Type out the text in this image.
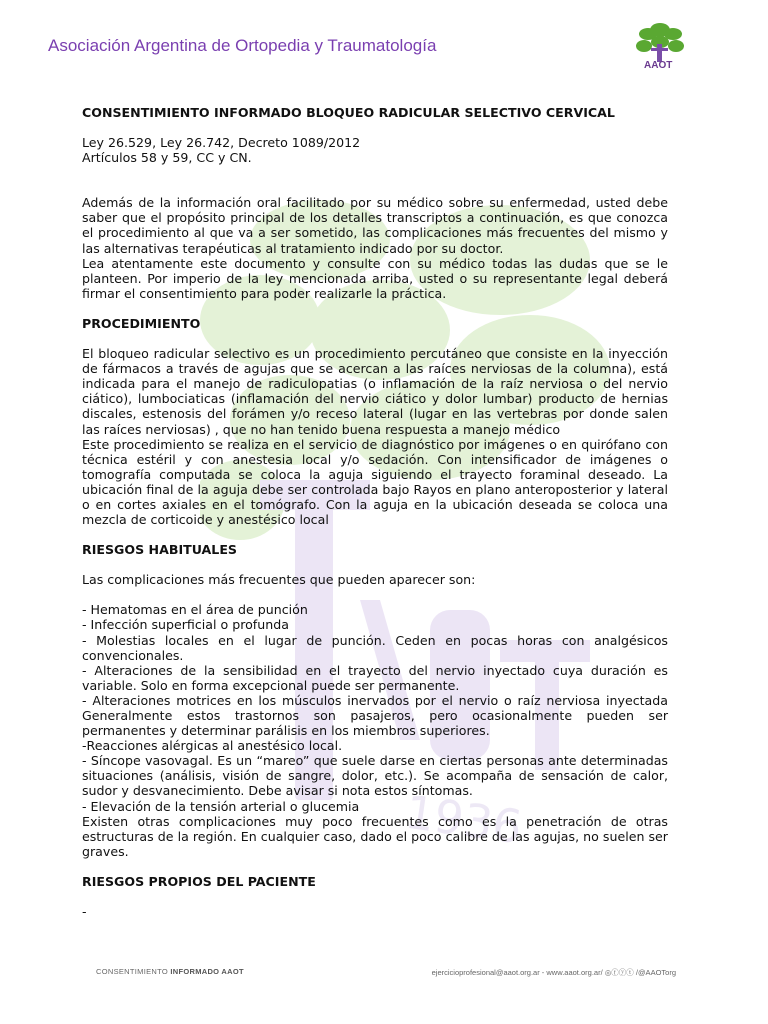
1936
Asociación Argentina de Ortopedia y Traumatología
AAOT

CONSENTIMIENTO INFORMADO BLOQUEO RADICULAR SELECTIVO CERVICAL

Ley 26.529, Ley 26.742, Decreto 1089/2012

Artículos 58 y 59, CC y CN.

Además de la información oral facilitado por su médico sobre su enfermedad, usted debe saber que el propósito principal de los detalles transcriptos a continuación, es que conozca el procedimiento al que va a ser sometido, las complicaciones más frecuentes del mismo y las alternativas terapéuticas al tratamiento indicado por su doctor.

Lea atentamente este documento y consulte con su médico todas las dudas que se le planteen. Por imperio de la ley mencionada arriba, usted o su representante legal deberá firmar el consentimiento para poder realizarle la práctica.

PROCEDIMIENTO

El bloqueo radicular selectivo es un procedimiento percutáneo que consiste en la inyección de fármacos a través de agujas que se acercan a las raíces nerviosas de la columna), está indicada para el manejo de radiculopatias (o inflamación de la raíz nerviosa o del nervio ciático), lumbociaticas (inflamación del nervio ciático y dolor lumbar) producto de hernias discales, estenosis del forámen y/o receso lateral (lugar en las vertebras por donde salen las raíces nerviosas) , que no han tenido buena respuesta a manejo médico

Este procedimiento se realiza en el servicio de diagnóstico por imágenes o en quirófano con técnica estéril y con anestesia local y/o sedación. Con intensificador de imágenes o tomografía computada se coloca la aguja siguiendo el trayecto foraminal deseado. La ubicación final de la aguja debe ser controlada bajo Rayos en plano anteroposterior y lateral o en cortes axiales en el tomógrafo. Con la aguja en la ubicación deseada se coloca una mezcla de corticoide y anestésico local

RIESGOS HABITUALES

Las complicaciones más frecuentes que pueden aparecer son:

- Hematomas en el área de punción

- Infección superficial o profunda

- Molestias locales en el lugar de punción. Ceden en pocas horas con analgésicos convencionales.

- Alteraciones de la sensibilidad en el trayecto del nervio inyectado cuya duración es variable. Solo en forma excepcional puede ser permanente.

- Alteraciones motrices en los músculos inervados por el nervio o raíz nerviosa inyectada Generalmente estos trastornos son pasajeros, pero ocasionalmente pueden ser permanentes y determinar parálisis en los miembros superiores.

-Reacciones alérgicas al anestésico local.

- Síncope vasovagal. Es un “mareo” que suele darse en ciertas personas ante determinadas situaciones (análisis, visión de sangre, dolor, etc.). Se acompaña de sensación de calor, sudor y desvanecimiento. Debe avisar si nota estos síntomas.

- Elevación de la tensión arterial o glucemia

Existen otras complicaciones muy poco frecuentes como es la penetración de otras estructuras de la región. En cualquier caso, dado el poco calibre de las agujas, no suelen ser graves.

RIESGOS PROPIOS DEL PACIENTE

-

CONSENTIMIENTO INFORMADO AAOT	ejercicioprofesional@aaot.org.ar - www.aaot.org.ar/ ◎ⓕⓨⓣ /@AAOTorg
